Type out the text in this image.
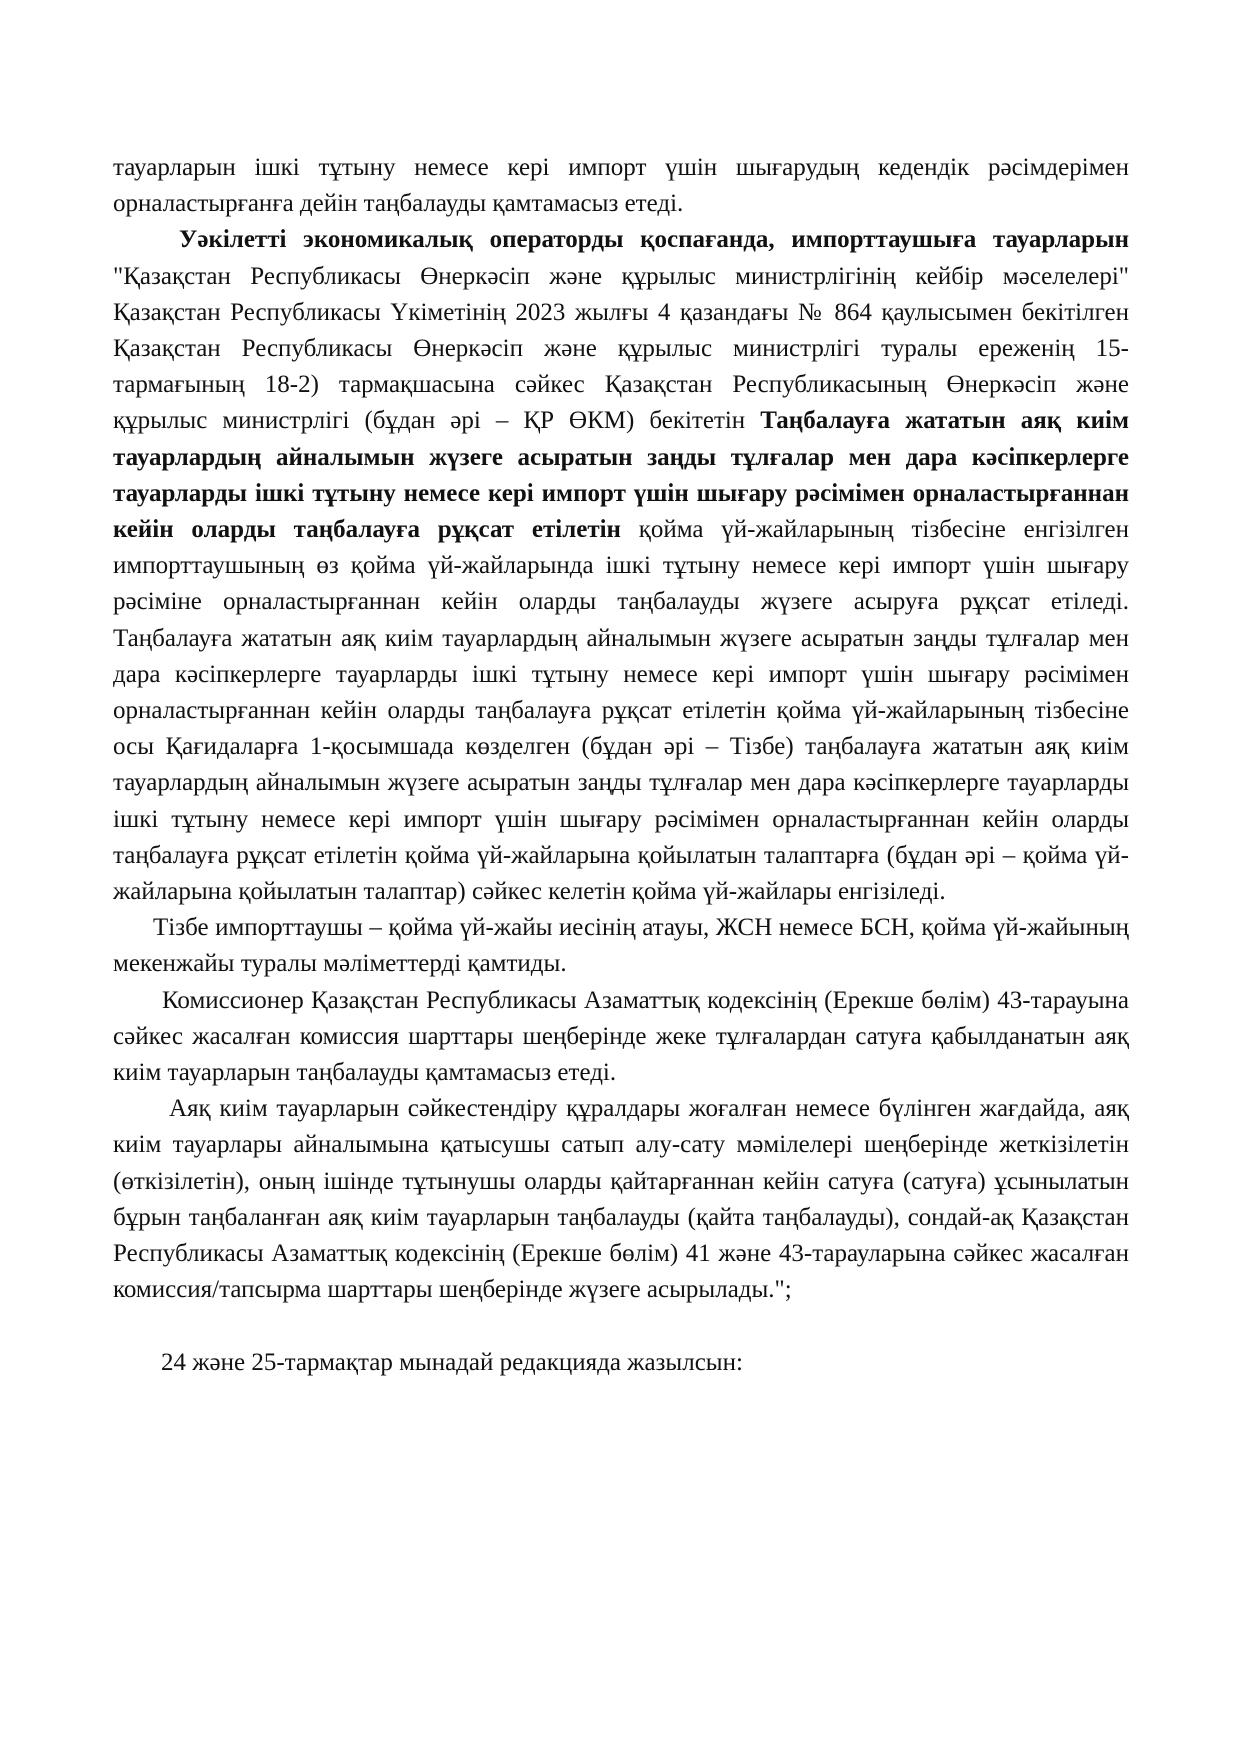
тауарларын ішкі тұтыну немесе кері импорт үшін шығарудың кедендік рәсімдерімен орналастырғанға дейін таңбалауды қамтамасыз етеді.

Уәкілетті экономикалық операторды қоспағанда, импорттаушыға тауарларын "Қазақстан Республикасы Өнеркәсіп және құрылыс министрлігінің кейбір мәселелері" Қазақстан Республикасы Үкіметінің 2023 жылғы 4 қазандағы № 864 қаулысымен бекітілген Қазақстан Республикасы Өнеркәсіп және құрылыс министрлігі туралы ереженің 15-тармағының 18-2) тармақшасына сәйкес Қазақстан Республикасының Өнеркәсіп және құрылыс министрлігі (бұдан әрі – ҚР ӨКМ) бекітетін Таңбалауға жататын аяқ киім тауарлардың айналымын жүзеге асыратын заңды тұлғалар мен дара кәсіпкерлерге тауарларды ішкі тұтыну немесе кері импорт үшін шығару рәсімімен орналастырғаннан кейін оларды таңбалауға рұқсат етілетін қойма үй-жайларының тізбесіне енгізілген импорттаушының өз қойма үй-жайларында ішкі тұтыну немесе кері импорт үшін шығару рәсіміне орналастырғаннан кейін оларды таңбалауды жүзеге асыруға рұқсат етіледі. Таңбалауға жататын аяқ киім тауарлардың айналымын жүзеге асыратын заңды тұлғалар мен дара кәсіпкерлерге тауарларды ішкі тұтыну немесе кері импорт үшін шығару рәсімімен орналастырғаннан кейін оларды таңбалауға рұқсат етілетін қойма үй-жайларының тізбесіне осы Қағидаларға 1-қосымшада көзделген (бұдан әрі – Тізбе) таңбалауға жататын аяқ киім тауарлардың айналымын жүзеге асыратын заңды тұлғалар мен дара кәсіпкерлерге тауарларды ішкі тұтыну немесе кері импорт үшін шығару рәсімімен орналастырғаннан кейін оларды таңбалауға рұқсат етілетін қойма үй-жайларына қойылатын талаптарға (бұдан әрі – қойма үй-жайларына қойылатын талаптар) сәйкес келетін қойма үй-жайлары енгізіледі.

Тізбе импорттаушы – қойма үй-жайы иесінің атауы, ЖСН немесе БСН, қойма үй-жайының мекенжайы туралы мәліметтерді қамтиды.

Комиссионер Қазақстан Республикасы Азаматтық кодексінің (Ерекше бөлім) 43-тарауына сәйкес жасалған комиссия шарттары шеңберінде жеке тұлғалардан сатуға қабылданатын аяқ киім тауарларын таңбалауды қамтамасыз етеді.

Аяқ киім тауарларын сәйкестендіру құралдары жоғалған немесе бүлінген жағдайда, аяқ киім тауарлары айналымына қатысушы сатып алу-сату мәмілелері шеңберінде жеткізілетін (өткізілетін), оның ішінде тұтынушы оларды қайтарғаннан кейін сатуға (сатуға) ұсынылатын бұрын таңбаланған аяқ киім тауарларын таңбалауды (қайта таңбалауды), сондай-ақ Қазақстан Республикасы Азаматтық кодексінің (Ерекше бөлім) 41 және 43-тарауларына сәйкес жасалған комиссия/тапсырма шарттары шеңберінде жүзеге асырылады.";

24 және 25-тармақтар мынадай редакцияда жазылсын:
